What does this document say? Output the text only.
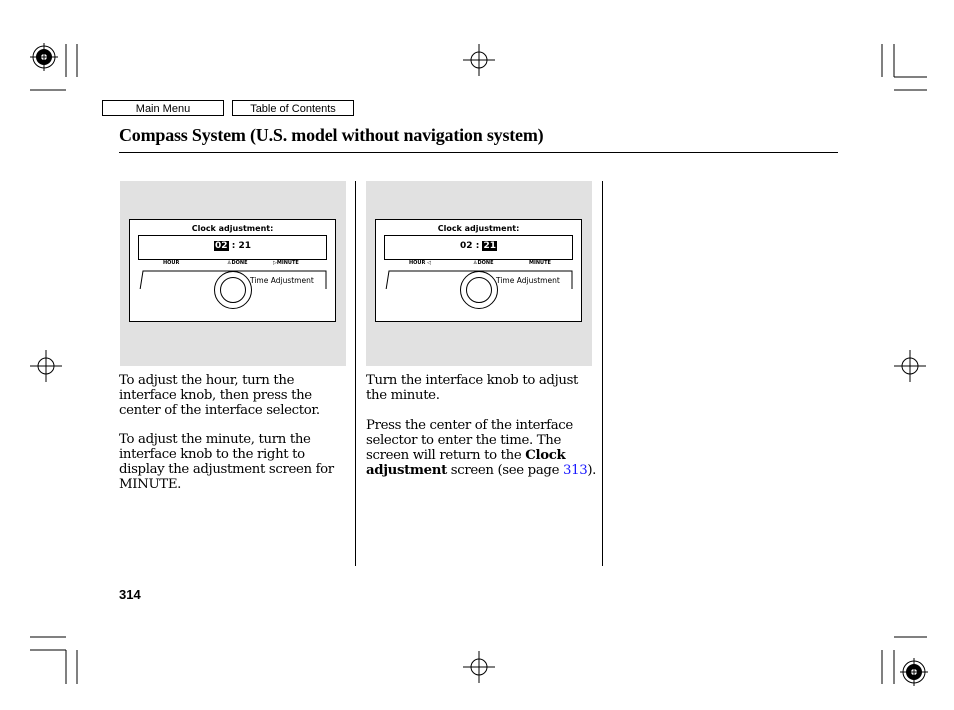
Main Menu	Table of Contents
Compass System (U.S. model without navigation system)
Clock adjustment:
02 : 21
HOUR	♙DONE	▷MINUTE
Time Adjustment
Clock adjustment:
02 : 21
HOUR ◁	♙DONE	MINUTE
Time Adjustment
To adjust the hour, turn the interface knob, then press the center of the interface selector.
To adjust the minute, turn the interface knob to the right to display the adjustment screen for MINUTE.
Turn the interface knob to adjust the minute.
Press the center of the interface selector to enter the time. The screen will return to the Clock adjustment screen (see page 313).
314
